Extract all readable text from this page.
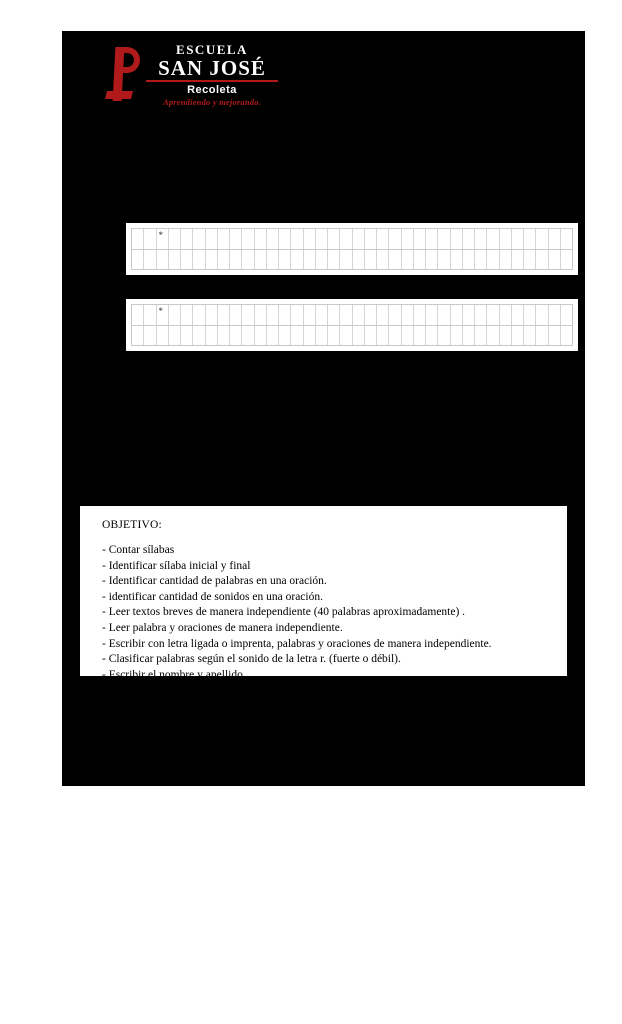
ESCUELA
SAN JOSÉ
Recoleta
Aprendiendo y mejorando.
*
*
OBJETIVO:
- Contar sílabas
- Identificar sílaba inicial y final
- Identificar cantidad de palabras en una oración.
- identificar cantidad de sonidos en una oración.
- Leer textos breves de manera independiente (40 palabras aproximadamente) .
- Leer palabra y oraciones de manera independiente.
- Escribir con letra ligada o imprenta, palabras y oraciones de manera independiente.
- Clasificar palabras según el sonido de la letra r. (fuerte o débil).
- Escribir el nombre y apellido.
